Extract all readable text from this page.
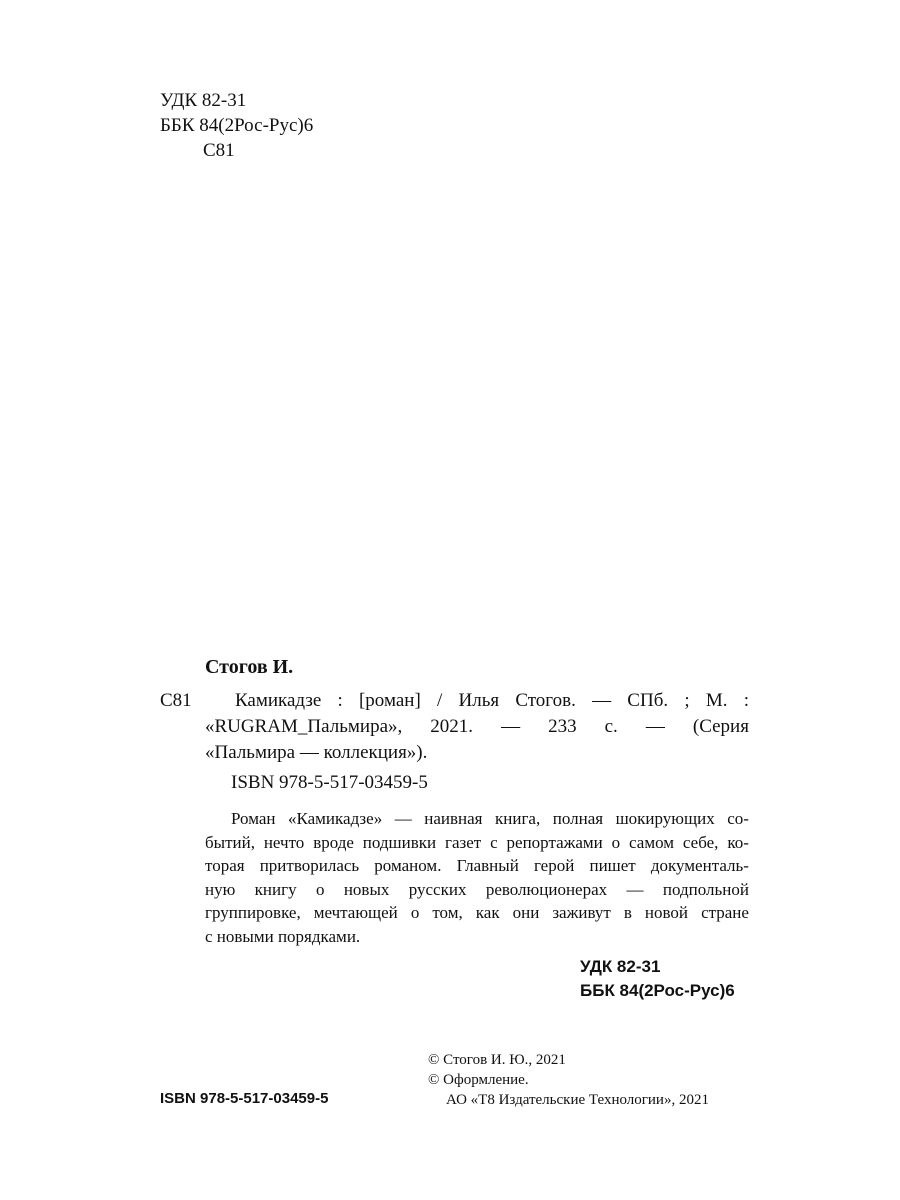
УДК 82-31
ББК 84(2Рос-Рус)6
С81
Стогов И.
С81 Камикадзе : [роман] / Илья Стогов. — СПб. ; М. :
«RUGRAM_Пальмира», 2021. — 233 с. — (Серия
«Пальмира — коллекция»).
ISBN 978-5-517-03459-5
Роман «Камикадзе» — наивная книга, полная шокирующих со-
бытий, нечто вроде подшивки газет с репортажами о самом себе, ко-
торая притворилась романом. Главный герой пишет документаль-
ную книгу о новых русских революционерах — подпольной
группировке, мечтающей о том, как они заживут в новой стране
с новыми порядками.
УДК 82-31
ББК 84(2Рос-Рус)6
© Стогов И. Ю., 2021
© Оформление.
АО «Т8 Издательские Технологии», 2021
ISBN 978-5-517-03459-5
